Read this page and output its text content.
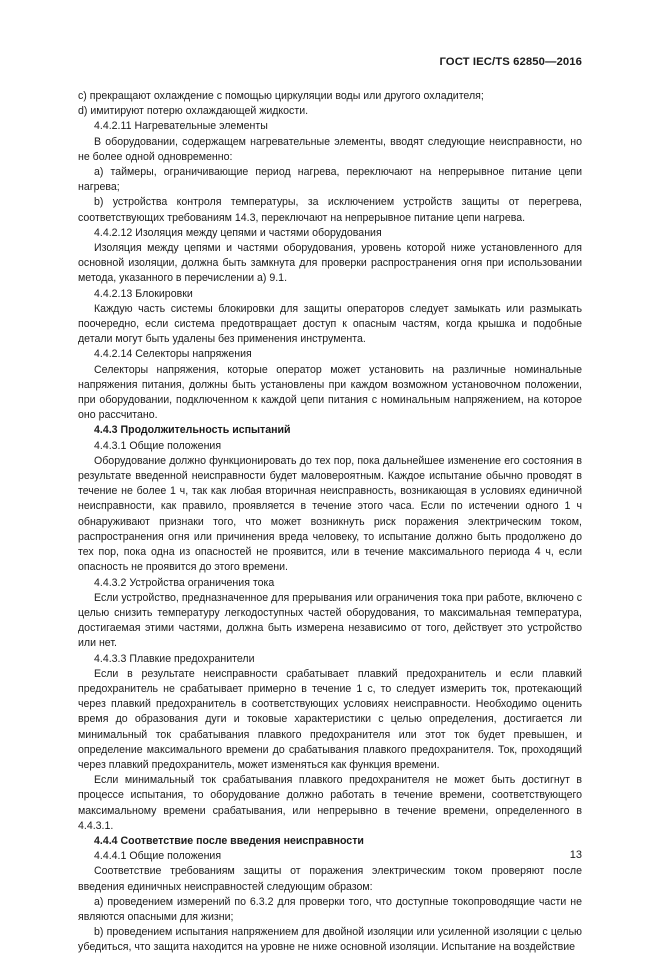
ГОСТ IEC/TS 62850—2016

c) прекращают охлаждение с помощью циркуляции воды или другого охладителя;

d) имитируют потерю охлаждающей жидкости.

4.4.2.11 Нагревательные элементы

В оборудовании, содержащем нагревательные элементы, вводят следующие неисправности, но не более одной одновременно:

a) таймеры, ограничивающие период нагрева, переключают на непрерывное питание цепи нагрева;

b) устройства контроля температуры, за исключением устройств защиты от перегрева, соответствующих требованиям 14.3, переключают на непрерывное питание цепи нагрева.

4.4.2.12 Изоляция между цепями и частями оборудования

Изоляция между цепями и частями оборудования, уровень которой ниже установленного для основной изоляции, должна быть замкнута для проверки распространения огня при использовании метода, указанного в перечислении a) 9.1.

4.4.2.13 Блокировки

Каждую часть системы блокировки для защиты операторов следует замыкать или размыкать поочередно, если система предотвращает доступ к опасным частям, когда крышка и подобные детали могут быть удалены без применения инструмента.

4.4.2.14 Селекторы напряжения

Селекторы напряжения, которые оператор может установить на различные номинальные напряжения питания, должны быть установлены при каждом возможном установочном положении, при оборудовании, подключенном к каждой цепи питания с номинальным напряжением, на которое оно рассчитано.

4.4.3 Продолжительность испытаний

4.4.3.1 Общие положения

Оборудование должно функционировать до тех пор, пока дальнейшее изменение его состояния в результате введенной неисправности будет маловероятным. Каждое испытание обычно проводят в течение не более 1 ч, так как любая вторичная неисправность, возникающая в условиях единичной неисправности, как правило, проявляется в течение этого часа. Если по истечении одного 1 ч обнаруживают признаки того, что может возникнуть риск поражения электрическим током, распространения огня или причинения вреда человеку, то испытание должно быть продолжено до тех пор, пока одна из опасностей не проявится, или в течение максимального периода 4 ч, если опасность не проявится до этого времени.

4.4.3.2 Устройства ограничения тока

Если устройство, предназначенное для прерывания или ограничения тока при работе, включено с целью снизить температуру легкодоступных частей оборудования, то максимальная температура, достигаемая этими частями, должна быть измерена независимо от того, действует это устройство или нет.

4.4.3.3 Плавкие предохранители

Если в результате неисправности срабатывает плавкий предохранитель и если плавкий предохранитель не срабатывает примерно в течение 1 с, то следует измерить ток, протекающий через плавкий предохранитель в соответствующих условиях неисправности. Необходимо оценить время до образования дуги и токовые характеристики с целью определения, достигается ли минимальный ток срабатывания плавкого предохранителя или этот ток будет превышен, и определение максимального времени до срабатывания плавкого предохранителя. Ток, проходящий через плавкий предохранитель, может изменяться как функция времени.

Если минимальный ток срабатывания плавкого предохранителя не может быть достигнут в процессе испытания, то оборудование должно работать в течение времени, соответствующего максимальному времени срабатывания, или непрерывно в течение времени, определенного в 4.4.3.1.

4.4.4 Соответствие после введения неисправности

4.4.4.1 Общие положения

Соответствие требованиям защиты от поражения электрическим током проверяют после введения единичных неисправностей следующим образом:

a) проведением измерений по 6.3.2 для проверки того, что доступные токопроводящие части не являются опасными для жизни;

b) проведением испытания напряжением для двойной изоляции или усиленной изоляции с целью убедиться, что защита находится на уровне не ниже основной изоляции. Испытание на воздействие

13
